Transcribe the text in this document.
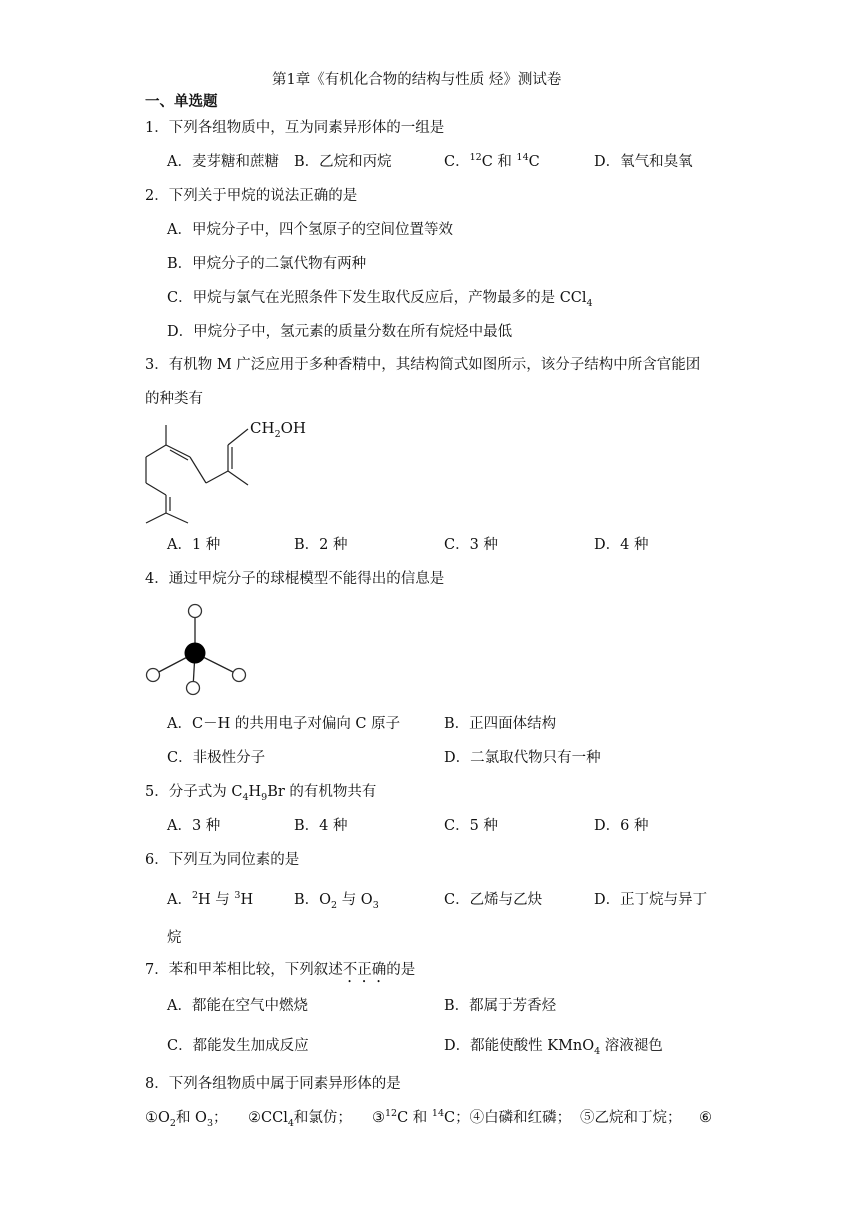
第1章《有机化合物的结构与性质 烃》测试卷
一、单选题
1．下列各组物质中，互为同素异形体的一组是
A．麦芽糖和蔗糖 B．乙烷和丙烷	C．$^{12}$C 和 $^{14}$C	D．氧气和臭氧
2．下列关于甲烷的说法正确的是
A．甲烷分子中，四个氢原子的空间位置等效
B．甲烷分子的二氯代物有两种
C．甲烷与氯气在光照条件下发生取代反应后，产物最多的是 CCl$_4$
D．甲烷分子中，氢元素的质量分数在所有烷烃中最低
3．有机物 M 广泛应用于多种香精中，其结构简式如图所示，该分子结构中所含官能团
的种类有
$CH_2OH$
A．1 种	B．2 种	C．3 种	D．4 种
4．通过甲烷分子的球棍模型不能得出的信息是
A．C－H 的共用电子对偏向 C 原子	B．正四面体结构
C．非极性分子	D．二氯取代物只有一种
5．分子式为 $C_4H_9Br$ 的有机物共有
A．3 种	B．4 种	C．5 种	D．6 种
6．下列互为同位素的是
A．$^2$H 与 $^3$H	B．$O_2$ 与 $O_3$	C．乙烯与乙炔	D．正丁烷与异丁
烷
7．苯和甲苯相比较，下列叙述不正确的是
A．都能在空气中燃烧	B．都属于芳香烃
C．都能发生加成反应	D．都能使酸性 KMnO$_4$ 溶液褪色
8．下列各组物质中属于同素异形体的是
$①O_2$和 $O_3$； ②CCl$_4$和氯仿； ③$^{12}$C 和 $^{14}$C；④白磷和红磷； ⑤乙烷和丁烷； ⑥
